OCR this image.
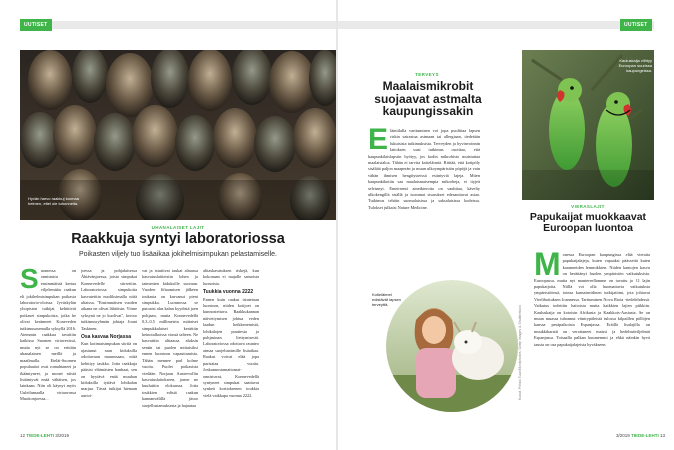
UUTISET
Hyvän harvo raakkuj tuomaa helmen, ettei ole tuhonneita.
UHANALAISET LAJIT
Raakkuja syntyi laboratoriossa
Poikasten viljely tuo lisäaikaa jokihelmisimpukan pelastamiselle.
S uomessa on onnistuttu ensimmäistä kertaa viljelemään raakun eli jokihelmisimpukan poikasia laboratorio-oloissa. Jyväskylän yliopiston tutkijat kehittivät poikaset simpukoista, jotka he olivat keränneet Koneveden tutkimusasemalla syksyllä 2016. Aiemmin raakkua tavattiin kaikissa Suomen virtavesissä, mutta nyt se on erittäin uhanalainen meillä ja maailmalla. Eteläi-Suomen populaatiot ovat romahtaneet ja ikääntyneet, ja monet niistä lisääntyvät enää vähäisen, jos lainkaan. Niin oli käynyt myös Uuleilumaalla virtaavassa Muotionjoessa...
joessa ja pohjalaisessa Ähtävänjoessa, joista simpukat Konnevedelle siirrettiin. Laboratoriossa simpukoita kasvatettiin nuoliksimalla niitä altaissa. "Ensimmäisen vuoden aikana ne olivat lähtöisin. Viime syksynä ne jo kuolivat", kertoo tutkimusryhmän johtaja Jouni Taskinen.
Osa kasvaa Norjassa
Kun kotimaisimpukan siirtiä on ajastunut raan kiduksilla odottavaan maanosaan, niitä kehittyy taukka. Jotta raakkuja pääsisi eläimästen hanhaat, sen on hyytävä enää muuhan kiduksilla tyttävä lohikalan marjua. Tässä tutkijat hienaan aurtoi-
vat ja istuttivat taukat altaassa kasvatuslaitteisiin lohen ja taimenten kiduksille suoraan. Vuoden liftaamisen jälkeen toukasta on kasvanut pieni simpukka. Luonnossa se putoaisi alas kalan kyydistä joen pohjaan, mutta Konnevedellä 0,3–0,5 millimetrin mittaiset simpukkalaiset kerättiin keinotalkoissa viassä talteen. Ne kasvattiin alttaassa aluksin sentin tai puolen mittaisiksi ennen luontoon vapauttamista. Tähän mennee parl kolme vuotta. Puolet poikasista viedään Norjaan Austervollin kasvatuslaitokseen, jonne ne kuuluttiin elokuussa. Jotta toukkien edistä raakun kannanvälillä jäsoo suojellustamuksesta ja hajautaa
alitaskavatuksen riskejä, kun kokonaan ei majalle samoista luonoista.
Tuukkia vuonna 2222
Ennen kuin raakut istutetaan luontoon, niiden kotijoet on kunnostettava. Raakkukannan näivettymisen johtua veden laadun heikkenemistä, lohikalojen puuttesta ja pohjasinan liettymisestä. Laboratoriossa odottava raunteo aimaa suojelutoimille lisäaikaa. Raakut voivat elää jopa parisataa vuotta. Joskunnostamattomat-onnistuvat, Konnevedellä syntyneet simpukat saattavat synkeä kortiokrenen toukkia vielä vaikkapa vuonna 2222.
12 TIEDE-LEHTI 3/2019
UUTISET
TERVEYS
Maalaismikrobit suojaavat astmalta kaupungissakin
E läintilalla varttuminen voi jopa puolittaa lapsen riskin sairastua astmaan tai allergiaan, tiedetään lukuisista tutkimuksista. Terveyden ja hyvinvoinnin laitoksen uusi tutkimus osoittaa, että kaupunkilaislapsiin hyötyy, jos kodin mikrobisto muistuttaa maalaistaloa. Tähän ei tarvita kotieläimiä. Riittää, että kotipöly sisältää paljon maaperän ja muun ulkoympäristön pöpöjä ja vain vähän ihmisen hengitysteissä esiintyviä lajeja. Miten kaupunkikotiin saa maalaismaisempia mikrobeja, ei tiyjeä selvinnyt. Emeirsenti aineikteroita on vauhtiaa, käveliy ulkokengillä sisällä ja isommat sisarukset edesauttavat asiaa. Tutkimus tehtiin suomalaisissa ja saksalaisissa kodeissa. Tulokset julkaisi Nature Medicine.
Kotieläimet edistävät lapsen terveyttä.
Kuvat: Pekka Tuuri/Mostphotos, Getty Images & Shutterstock
Kauluskaija viihtyy Euroopan suurissa kaupungeissa.
VIERASLAJIT
Papukaijat muokkaavat Euroopan luontoa
M onessa Euroopan kaupungissa elää vieraita papukaijalajeja, kuten vapaaksi päässeitä kuten karanneiden lemmikkien. Niiden kantojen kasvu on herättänyt huolen ympäristön vaikutuksista. Euroopassa, mutta nyt mantereellamme on tavattu jo 11 lajin papukaijoita. Niillä voi olla huomattavia vaikutuksia ympäristöönsä, toteaa kansainvälinen tutkijatiimi, jota johtavat Vierlihoituksen Joannessa. Tarttuminen Nova Riota -tiedelehdessä. Vaikutus todettiin haitoista mutta kaikkien lajien piikkiin. Kauluskaija on kotoisin Afrikasta ja Kaakkois-Aasiasta. Se on muun muassa tuhonnut viinirypäleistä tulossa kilpaillen pöllöjen kanssa pesäpaikoista Espanjassa. Eräillä lisalajilla on muukkikaratti on verottaneet maissi ja hedelmäviljelmät Espanjassa. Toisaalla palkan kuumemmi ja ehkä näinkin hyvä tausta on osa papukaijalajeista hyväkseen.
3/2019 TIEDE-LEHTI 13
